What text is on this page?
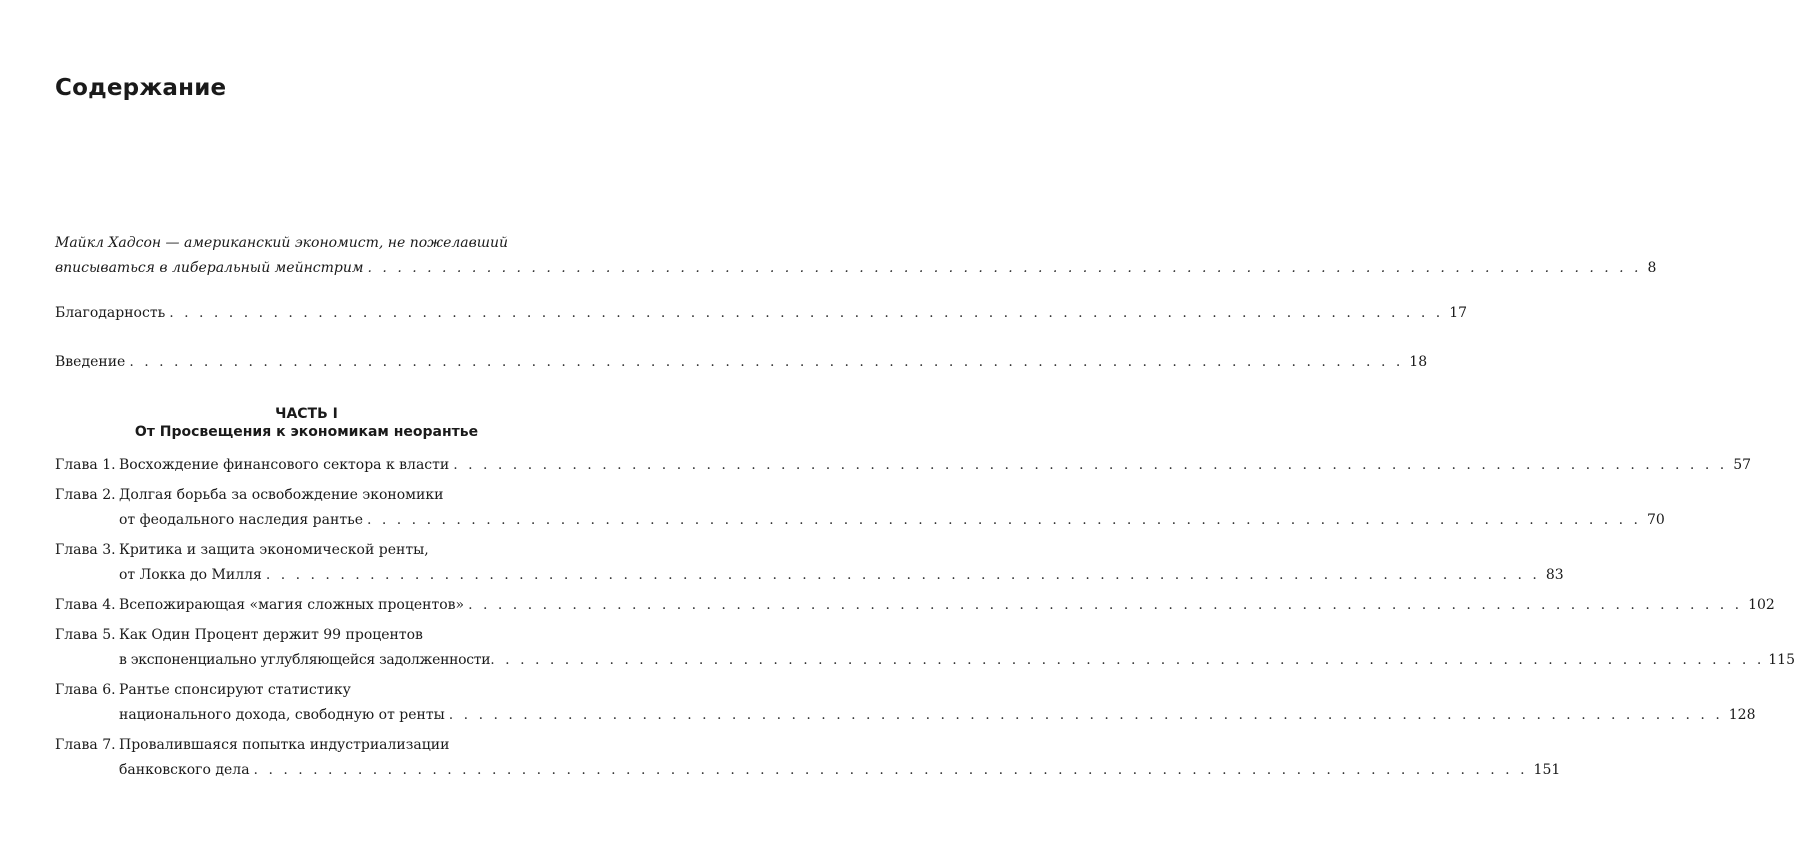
Содержание
Майкл Хадсон — американский экономист, не пожелавший
вписываться в либеральный мейнстрим . . .	8
Благодарность . . .	17
Введение . . .	18
ЧАСТЬ I
От Просвещения к экономикам неорантье
Глава 1. Восхождение финансового сектора к власти . . .	57
Глава 2. Долгая борьба за освобождение экономики
от феодального наследия рантье . . .	70
Глава 3. Критика и защита экономической ренты,
от Локка до Милля . . .	83
Глава 4. Всепожирающая «магия сложных процентов» . . .	102
Глава 5. Как Один Процент держит 99 процентов
в экспоненциально углубляющейся задолженности . . .	115
Глава 6. Рантье спонсируют статистику
национального дохода, свободную от ренты . . .	128
Глава 7. Провалившаяся попытка индустриализации
банковского дела . . .	151
